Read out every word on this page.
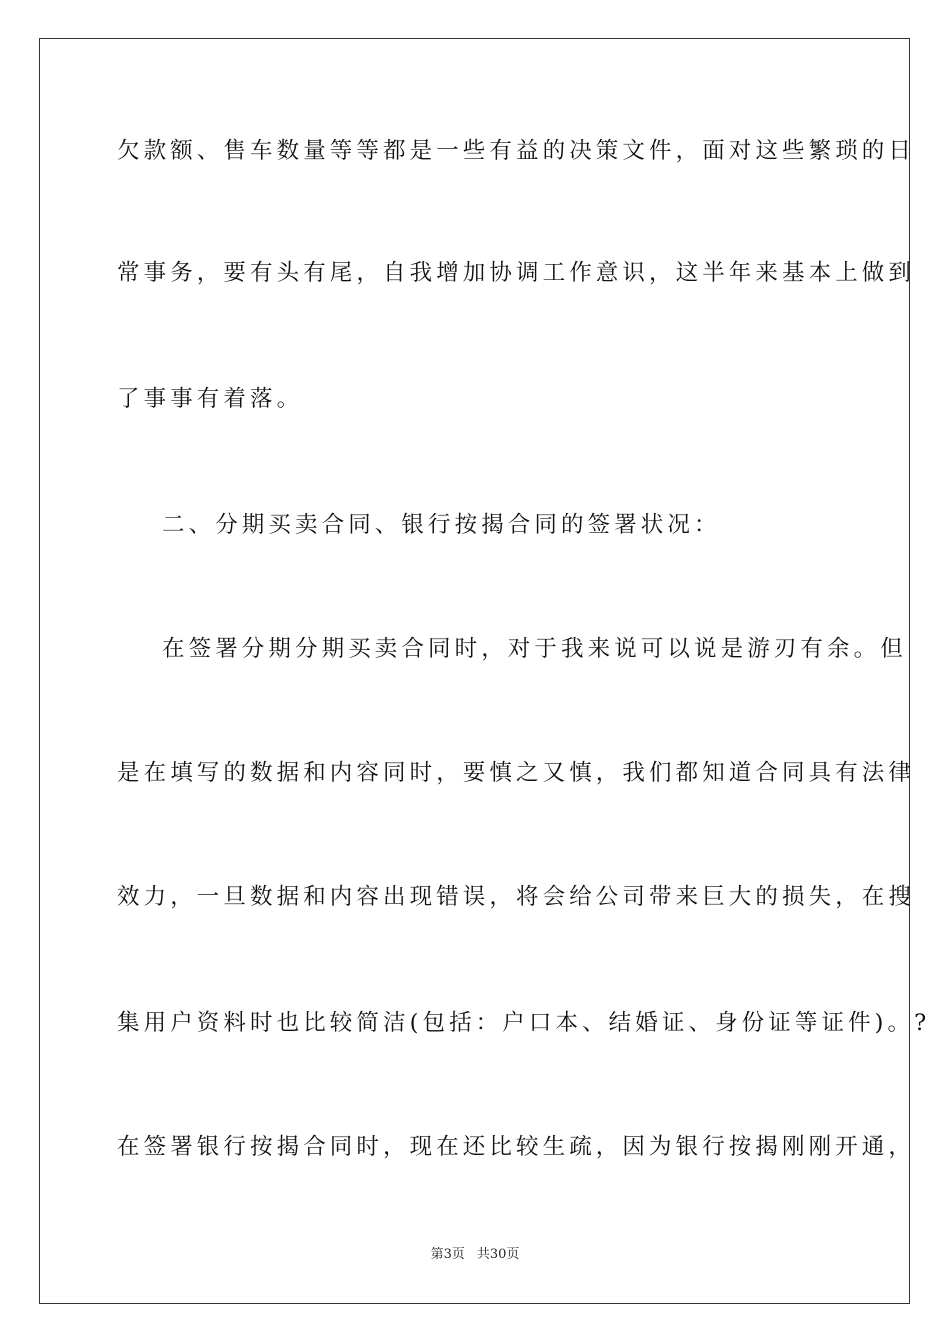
欠款额、售车数量等等都是一些有益的决策文件，面对这些繁琐的日
常事务，要有头有尾，自我增加协调工作意识，这半年来基本上做到
了事事有着落。
二、分期买卖合同、银行按揭合同的签署状况：
在签署分期分期买卖合同时，对于我来说可以说是游刃有余。但
是在填写的数据和内容同时，要慎之又慎，我们都知道合同具有法律
效力，一旦数据和内容出现错误，将会给公司带来巨大的损失，在搜
集用户资料时也比较简洁(包括：户口本、结婚证、身份证等证件)。?
在签署银行按揭合同时，现在还比较生疏，因为银行按揭刚刚开通，
第3页 共30页
